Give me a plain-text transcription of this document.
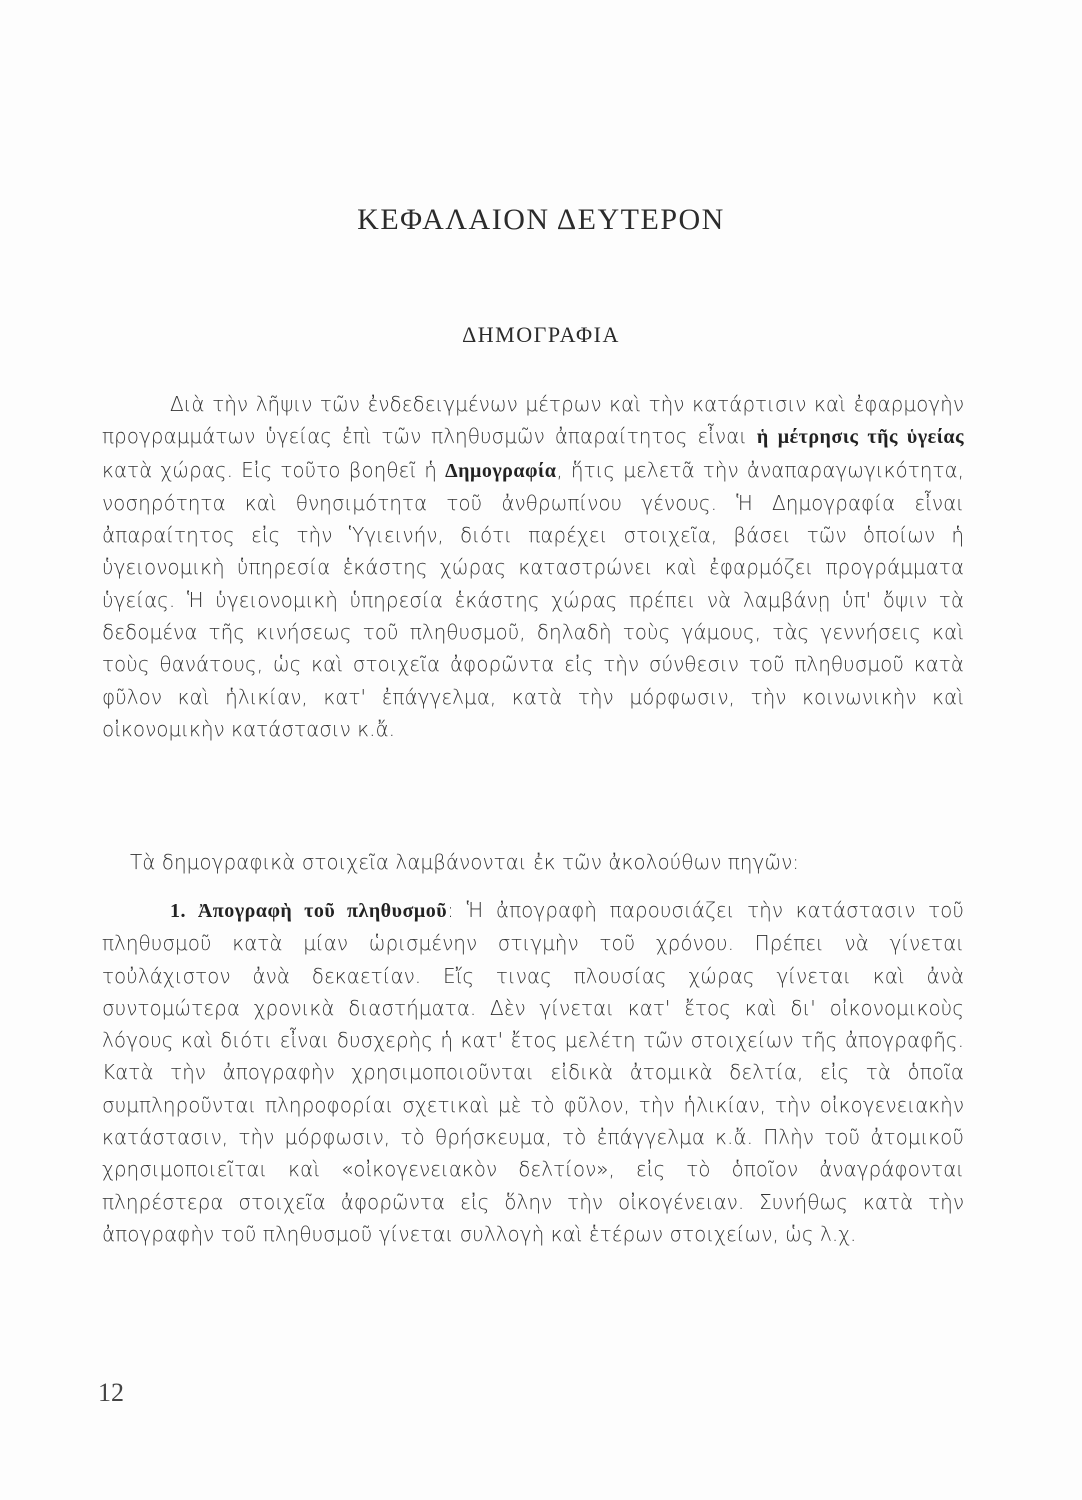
ΚΕΦΑΛΑΙΟΝ ΔΕΥΤΕΡΟΝ
ΔΗΜΟΓΡΑΦΙΑ
Διὰ τὴν λῆψιν τῶν ἐνδεδειγμένων μέτρων καὶ τὴν κατάρτισιν καὶ ἐφαρμογὴν προγραμμάτων ὑγείας ἐπὶ τῶν πληθυσμῶν ἀπαραίτητος εἶναι ἡ μέτρησις τῆς ὑγείας κατὰ χώρας. Εἰς τοῦτο βοηθεῖ ἡ Δημογραφία, ἥτις μελετᾶ τὴν ἀναπαραγωγικότητα, νοσηρότητα καὶ θνησιμότητα τοῦ ἀνθρωπίνου γένους. Ἡ Δημογραφία εἶναι ἀπαραίτητος εἰς τὴν Ὑγιεινήν, διότι παρέχει στοιχεῖα, βάσει τῶν ὁποίων ἡ ὑγειονομικὴ ὑπηρεσία ἑκάστης χώρας καταστρώνει καὶ ἐφαρμόζει προγράμματα ὑγείας. Ἡ ὑγειονομικὴ ὑπηρεσία ἑκάστης χώρας πρέπει νὰ λαμβάνῃ ὑπ' ὄψιν τὰ δεδομένα τῆς κινήσεως τοῦ πληθυσμοῦ, δηλαδὴ τοὺς γάμους, τὰς γεννήσεις καὶ τοὺς θανάτους, ὡς καὶ στοιχεῖα ἀφορῶντα εἰς τὴν σύνθεσιν τοῦ πληθυσμοῦ κατὰ φῦλον καὶ ἡλικίαν, κατ' ἐπάγγελμα, κατὰ τὴν μόρφωσιν, τὴν κοινωνικὴν καὶ οἰκονομικὴν κατάστασιν κ.ἄ.
Τὰ δημογραφικὰ στοιχεῖα λαμβάνονται ἐκ τῶν ἀκολούθων πηγῶν:
1. Ἀπογραφὴ τοῦ πληθυσμοῦ: Ἡ ἀπογραφὴ παρουσιάζει τὴν κατάστασιν τοῦ πληθυσμοῦ κατὰ μίαν ὡρισμένην στιγμὴν τοῦ χρόνου. Πρέπει νὰ γίνεται τοὐλάχιστον ἀνὰ δεκαετίαν. Εἴς τινας πλουσίας χώρας γίνεται καὶ ἀνὰ συντομώτερα χρονικὰ διαστήματα. Δὲν γίνεται κατ' ἔτος καὶ δι' οἰκονομικοὺς λόγους καὶ διότι εἶναι δυσχερὴς ἡ κατ' ἔτος μελέτη τῶν στοιχείων τῆς ἀπογραφῆς. Κατὰ τὴν ἀπογραφὴν χρησιμοποιοῦνται εἰδικὰ ἀτομικὰ δελτία, εἰς τὰ ὁποῖα συμπληροῦνται πληροφορίαι σχετικαὶ μὲ τὸ φῦλον, τὴν ἡλικίαν, τὴν οἰκογενειακὴν κατάστασιν, τὴν μόρφωσιν, τὸ θρήσκευμα, τὸ ἐπάγγελμα κ.ἄ. Πλὴν τοῦ ἀτομικοῦ χρησιμοποιεῖται καὶ «οἰκογενειακὸν δελτίον», εἰς τὸ ὁποῖον ἀναγράφονται πληρέστερα στοιχεῖα ἀφορῶντα εἰς ὅλην τὴν οἰκογένειαν. Συνήθως κατὰ τὴν ἀπογραφὴν τοῦ πληθυσμοῦ γίνεται συλλογὴ καὶ ἑτέρων στοιχείων, ὡς λ.χ.
12
